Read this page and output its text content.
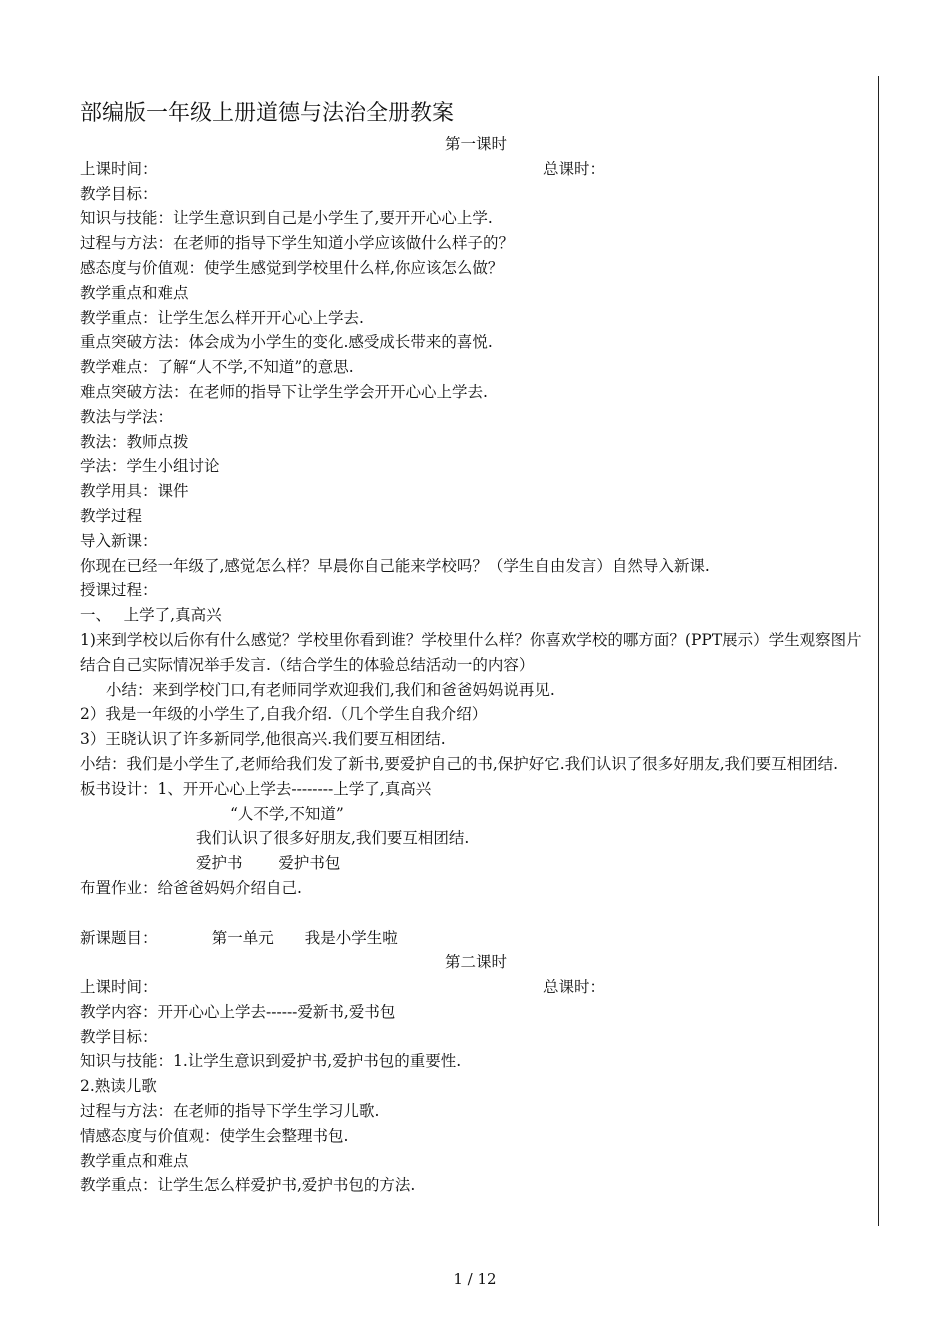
部编版一年级上册道德与法治全册教案
第一课时
上课时间：	总课时：
教学目标：
知识与技能：让学生意识到自己是小学生了,要开开心心上学.
过程与方法：在老师的指导下学生知道小学应该做什么样子的？
感态度与价值观：使学生感觉到学校里什么样,你应该怎么做？
教学重点和难点
教学重点：让学生怎么样开开心心上学去.
重点突破方法：体会成为小学生的变化.感受成长带来的喜悦.
教学难点：了解“人不学,不知道”的意思.
难点突破方法：在老师的指导下让学生学会开开心心上学去.
教法与学法：
教法：教师点拨
学法：学生小组讨论
教学用具：课件
教学过程
导入新课：
你现在已经一年级了,感觉怎么样？早晨你自己能来学校吗？（学生自由发言）自然导入新课.
授课过程：
一、　 上学了,真高兴
1)来到学校以后你有什么感觉？学校里你看到谁？学校里什么样？你喜欢学校的哪方面？(PPT展示）学生观察图片结合自己实际情况举手发言.（结合学生的体验总结活动一的内容）
小结：来到学校门口,有老师同学欢迎我们,我们和爸爸妈妈说再见.
2）我是一年级的小学生了,自我介绍.（几个学生自我介绍）
3）王晓认识了许多新同学,他很高兴.我们要互相团结.
小结：我们是小学生了,老师给我们发了新书,要爱护自己的书,保护好它.我们认识了很多好朋友,我们要互相团结.
板书设计：1、开开心心上学去--------上学了,真高兴
“人不学,不知道”
我们认识了很多好朋友,我们要互相团结.
爱护书　　 爱护书包
布置作业：给爸爸妈妈介绍自己.
新课题目：　　　　第一单元　　我是小学生啦
第二课时
上课时间：	总课时：
教学内容：开开心心上学去------爱新书,爱书包
教学目标：
知识与技能：1.让学生意识到爱护书,爱护书包的重要性.
2.熟读儿歌
过程与方法：在老师的指导下学生学习儿歌.
情感态度与价值观：使学生会整理书包.
教学重点和难点
教学重点：让学生怎么样爱护书,爱护书包的方法.
1 / 12
